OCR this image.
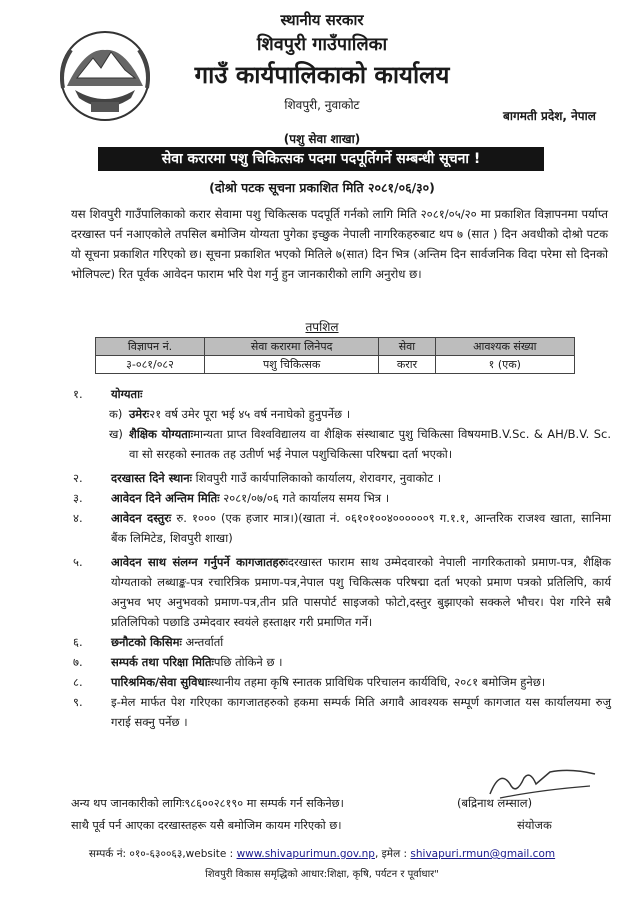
स्थानीय सरकार
शिवपुरी गाउँपालिका
गाउँ कार्यपालिकाको कार्यालय
शिवपुरी, नुवाकोट
(पशु सेवा शाखा)
बागमती प्रदेश, नेपाल
सेवा करारमा पशु चिकित्सक पदमा पदपूर्तिगर्ने सम्बन्धी सूचना !
(दोश्रो पटक सूचना प्रकाशित मिति २०८१/०६/३०)
यस शिवपुरी गाउँपालिकाको करार सेवामा पशु चिकित्सक पदपूर्ति गर्नको लागि मिति २०८१/०५/२० मा प्रकाशित विज्ञापनमा पर्याप्त दरखास्त पर्न नआएकोले तपसिल बमोजिम योग्यता पुगेका इच्छुक नेपाली नागरिकहरुबाट थप ७ (सात ) दिन अवधीको दोश्रो पटक यो सूचना प्रकाशित गरिएको छ। सूचना प्रकाशित भएको मितिले ७(सात) दिन भित्र (अन्तिम दिन सार्वजनिक विदा परेमा सो दिनको भोलिपल्ट) रित पूर्वक आवेदन फाराम भरि पेश गर्नु हुन जानकारीको लागि अनुरोध छ।
तपशिल
विज्ञापन नं.	सेवा करारमा लिनेपद	सेवा	आवश्यक संख्या
३-०८१/०८२	पशु चिकित्सक	करार	१ (एक)
१.	योग्यताः
क) उमेरः२१ वर्ष उमेर पूरा भई ४५ वर्ष ननाघेको हुनुपर्नेछ ।
ख) शैक्षिक योग्यताःमान्यता प्राप्त विश्वविद्यालय वा शैक्षिक संस्थाबाट पुशु चिकित्सा विषयमाB.V.Sc. & AH/B.V. Sc. वा सो सरहको स्नातक तह उतीर्ण भई नेपाल पशुचिकित्सा परिषद्मा दर्ता भएको।
२.	दरखास्त दिने स्थानः शिवपुरी गाउँ कार्यपालिकाको कार्यालय, शेरावगर, नुवाकोट ।
३.	आवेदन दिने अन्तिम मितिः २०८१/०७/०६ गते कार्यालय समय भित्र ।
४.	आवेदन दस्तुरः रु. १००० (एक हजार मात्र।)(खाता नं. ०६१०१००४००००००९ ग.१.१, आन्तरिक राजश्व खाता, सानिमा बैंक लिमिटेड, शिवपुरी शाखा)
५.	आवेदन साथ संलग्न गर्नुपर्ने कागजातहरुःदरखास्त फाराम साथ उम्मेदवारको नेपाली नागरिकताको प्रमाण-पत्र, शैक्षिक योग्यताको लब्धाङ्क-पत्र रचारित्रिक प्रमाण-पत्र,नेपाल पशु चिकित्सक परिषद्मा दर्ता भएको प्रमाण पत्रको प्रतिलिपि, कार्य अनुभव भए अनुभवको प्रमाण-पत्र,तीन प्रति पासपोर्ट साइजको फोटो,दस्तुर बुझाएको सक्कले भौचर। पेश गरिने सबै प्रतिलिपिको पछाडि उम्मेदवार स्वयंले हस्ताक्षर गरी प्रमाणित गर्ने।
६.	छनौटको किसिमः अन्तर्वार्ता
७.	सम्पर्क तथा परिक्षा मितिःपछि तोकिने छ ।
८.	पारिश्रमिक/सेवा सुविधाःस्थानीय तहमा कृषि स्नातक प्राविधिक परिचालन कार्यविधि, २०८१ बमोजिम हुनेछ।
९.	इ-मेल मार्फत पेश गरिएका कागजातहरुको हकमा सम्पर्क मिति अगावै आवश्यक सम्पूर्ण कागजात यस कार्यालयमा रुजु गराई सक्नु पर्नेछ ।
अन्य थप जानकारीको लागिः९८६००२८१९० मा सम्पर्क गर्न सकिनेछ।
साथै पूर्व पर्न आएका दरखास्तहरू यसै बमोजिम कायम गरिएको छ।
(बद्रिनाथ लम्साल)
संयोजक
सम्पर्क नं: ०१०-६३००६३,website : www.shivapurimun.gov.np, इमेल : shivapuri.rmun@gmail.com
शिवपुरी विकास समृद्धिको आधार:शिक्षा, कृषि, पर्यटन र पूर्वाधार"
